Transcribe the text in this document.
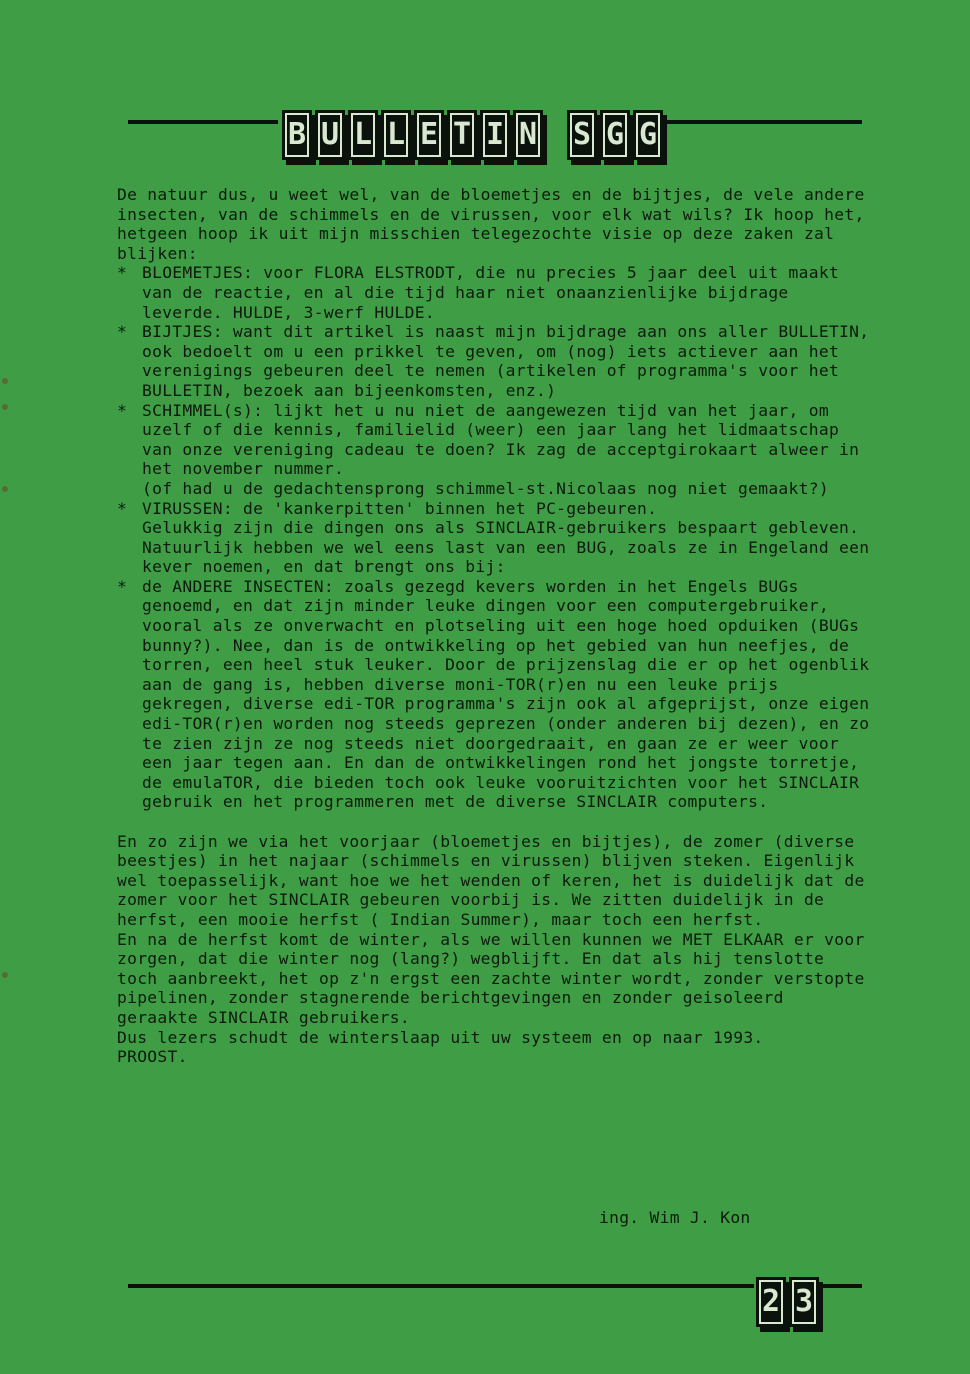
B U L L E T I N S G G

De natuur dus, u weet wel, van de bloemetjes en de bijtjes, de vele andere insecten, van de schimmels en de virussen, voor elk wat wils? Ik hoop het, hetgeen hoop ik uit mijn misschien telegezochte visie op deze zaken zal blijken:

* BLOEMETJES: voor FLORA ELSTRODT, die nu precies 5 jaar deel uit maakt van de reactie, en al die tijd haar niet onaanzienlijke bijdrage leverde. HULDE, 3-werf HULDE.
* BIJTJES: want dit artikel is naast mijn bijdrage aan ons aller BULLETIN, ook bedoelt om u een prikkel te geven, om (nog) iets actiever aan het verenigings gebeuren deel te nemen (artikelen of programma's voor het BULLETIN, bezoek aan bijeenkomsten, enz.)
* SCHIMMEL(s): lijkt het u nu niet de aangewezen tijd van het jaar, om uzelf of die kennis, familielid (weer) een jaar lang het lidmaatschap van onze vereniging cadeau te doen? Ik zag de acceptgirokaart alweer in het november nummer.
(of had u de gedachtensprong schimmel-st.Nicolaas nog niet gemaakt?)
* VIRUSSEN: de 'kankerpitten' binnen het PC-gebeuren.
Gelukkig zijn die dingen ons als SINCLAIR-gebruikers bespaart gebleven. Natuurlijk hebben we wel eens last van een BUG, zoals ze in Engeland een kever noemen, en dat brengt ons bij:
* de ANDERE INSECTEN: zoals gezegd kevers worden in het Engels BUGs genoemd, en dat zijn minder leuke dingen voor een computergebruiker, vooral als ze onverwacht en plotseling uit een hoge hoed opduiken (BUGs bunny?). Nee, dan is de ontwikkeling op het gebied van hun neefjes, de torren, een heel stuk leuker. Door de prijzenslag die er op het ogenblik aan de gang is, hebben diverse moni-TOR(r)en nu een leuke prijs gekregen, diverse edi-TOR programma's zijn ook al afgeprijst, onze eigen edi-TOR(r)en worden nog steeds geprezen (onder anderen bij dezen), en zo te zien zijn ze nog steeds niet doorgedraait, en gaan ze er weer voor een jaar tegen aan. En dan de ontwikkelingen rond het jongste torretje, de emulaTOR, die bieden toch ook leuke vooruitzichten voor het SINCLAIR gebruik en het programmeren met de diverse SINCLAIR computers.

En zo zijn we via het voorjaar (bloemetjes en bijtjes), de zomer (diverse beestjes) in het najaar (schimmels en virussen) blijven steken. Eigenlijk wel toepasselijk, want hoe we het wenden of keren, het is duidelijk dat de zomer voor het SINCLAIR gebeuren voorbij is. We zitten duidelijk in de herfst, een mooie herfst ( Indian Summer), maar toch een herfst.

En na de herfst komt de winter, als we willen kunnen we MET ELKAAR er voor zorgen, dat die winter nog (lang?) wegblijft. En dat als hij tenslotte toch aanbreekt, het op z'n ergst een zachte winter wordt, zonder verstopte pipelinen, zonder stagnerende berichtgevingen en zonder geisoleerd geraakte SINCLAIR gebruikers.

Dus lezers schudt de winterslaap uit uw systeem en op naar 1993.

PROOST.

ing. Wim J. Kon
2 3
